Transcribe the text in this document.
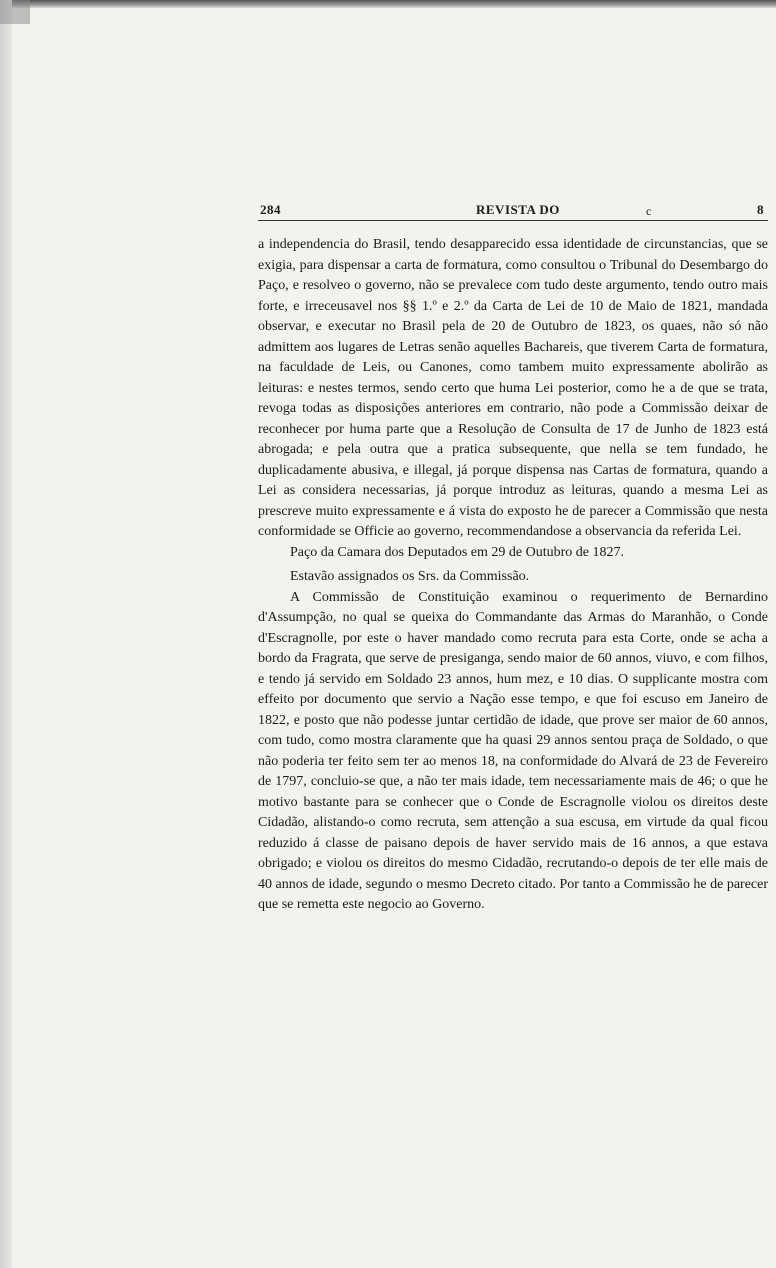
284	REVISTA DO	c	8

a independencia do Brasil, tendo desapparecido essa identidade de circunstancias, que se exigia, para dispensar a carta de formatura, como consultou o Tribunal do Desembargo do Paço, e resolveo o governo, não se prevalece com tudo deste argumento, tendo outro mais forte, e irreceusavel nos §§ 1.º e 2.º da Carta de Lei de 10 de Maio de 1821, mandada observar, e executar no Brasil pela de 20 de Outubro de 1823, os quaes, não só não admittem aos lugares de Letras senão aquelles Bachareis, que tiverem Carta de formatura, na faculdade de Leis, ou Canones, como tambem muito expressamente abolirão as leituras: e nestes termos, sendo certo que huma Lei posterior, como he a de que se trata, revoga todas as disposições anteriores em contrario, não pode a Commissão deixar de reconhecer por huma parte que a Resolução de Consulta de 17 de Junho de 1823 está abrogada; e pela outra que a pratica subsequente, que nella se tem fundado, he duplicadamente abusiva, e illegal, já porque dispensa nas Cartas de formatura, quando a Lei as considera necessarias, já porque introduz as leituras, quando a mesma Lei as prescreve muito expressamente e á vista do exposto he de parecer a Commissão que nesta conformidade se Officie ao governo, recommendandose a observancia da referida Lei.

Paço da Camara dos Deputados em 29 de Outubro de 1827.

Estavão assignados os Srs. da Commissão.

A Commissão de Constituição examinou o requerimento de Bernardino d'Assumpção, no qual se queixa do Commandante das Armas do Maranhão, o Conde d'Escragnolle, por este o haver mandado como recruta para esta Corte, onde se acha a bordo da Fragrata, que serve de presiganga, sendo maior de 60 annos, viuvo, e com filhos, e tendo já servido em Soldado 23 annos, hum mez, e 10 dias. O supplicante mostra com effeito por documento que servio a Nação esse tempo, e que foi escuso em Janeiro de 1822, e posto que não podesse juntar certidão de idade, que prove ser maior de 60 annos, com tudo, como mostra claramente que ha quasi 29 annos sentou praça de Soldado, o que não poderia ter feito sem ter ao menos 18, na conformidade do Alvará de 23 de Fevereiro de 1797, concluio-se que, a não ter mais idade, tem necessariamente mais de 46; o que he motivo bastante para se conhecer que o Conde de Escragnolle violou os direitos deste Cidadão, alistando-o como recruta, sem attenção a sua escusa, em virtude da qual ficou reduzido á classe de paisano depois de haver servido mais de 16 annos, a que estava obrigado; e violou os direitos do mesmo Cidadão, recrutando-o depois de ter elle mais de 40 annos de idade, segundo o mesmo Decreto citado. Por tanto a Commissão he de parecer que se remetta este negocio ao Governo.
